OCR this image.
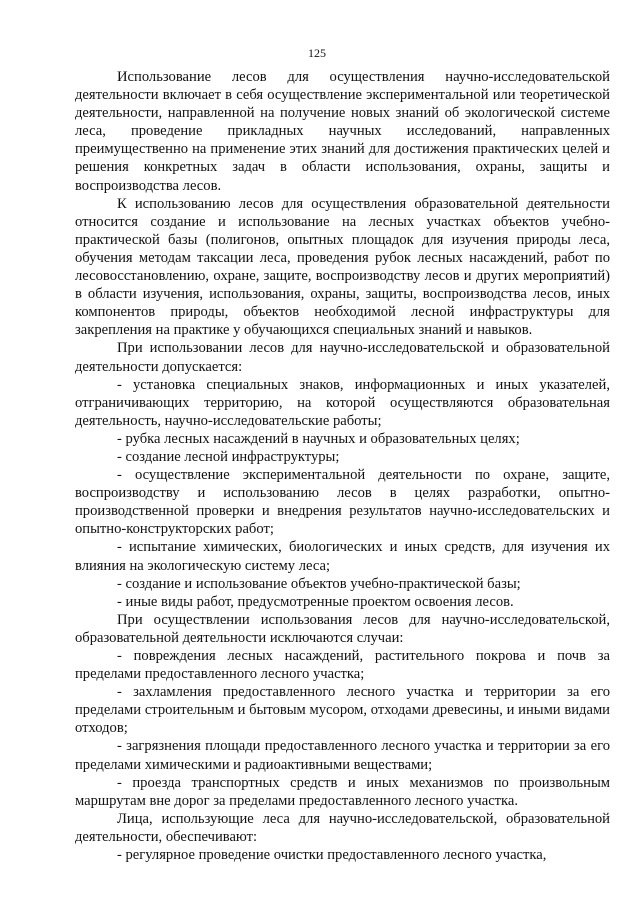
125

Использование лесов для осуществления научно-исследовательской деятельности включает в себя осуществление экспериментальной или теоретической деятельности, направленной на получение новых знаний об экологической системе леса, проведение прикладных научных исследований, направленных преимущественно на применение этих знаний для достижения практических целей и решения конкретных задач в области использования, охраны, защиты и воспроизводства лесов.

К использованию лесов для осуществления образовательной деятельности относится создание и использование на лесных участках объектов учебно-практической базы (полигонов, опытных площадок для изучения природы леса, обучения методам таксации леса, проведения рубок лесных насаждений, работ по лесовосстановлению, охране, защите, воспроизводству лесов и других мероприятий) в области изучения, использования, охраны, защиты, воспроизводства лесов, иных компонентов природы, объектов необходимой лесной инфраструктуры для закрепления на практике у обучающихся специальных знаний и навыков.

При использовании лесов для научно-исследовательской и образовательной деятельности допускается:

- установка специальных знаков, информационных и иных указателей, отграничивающих территорию, на которой осуществляются образовательная деятельность, научно-исследовательские работы;

- рубка лесных насаждений в научных и образовательных целях;

- создание лесной инфраструктуры;

- осуществление экспериментальной деятельности по охране, защите, воспроизводству и использованию лесов в целях разработки, опытно-производственной проверки и внедрения результатов научно-исследовательских и опытно-конструкторских работ;

- испытание химических, биологических и иных средств, для изучения их влияния на экологическую систему леса;

- создание и использование объектов учебно-практической базы;

- иные виды работ, предусмотренные проектом освоения лесов.

При осуществлении использования лесов для научно-исследовательской, образовательной деятельности исключаются случаи:

- повреждения лесных насаждений, растительного покрова и почв за пределами предоставленного лесного участка;

- захламления предоставленного лесного участка и территории за его пределами строительным и бытовым мусором, отходами древесины, и иными видами отходов;

- загрязнения площади предоставленного лесного участка и территории за его пределами химическими и радиоактивными веществами;

- проезда транспортных средств и иных механизмов по произвольным маршрутам вне дорог за пределами предоставленного лесного участка.

Лица, использующие леса для научно-исследовательской, образовательной деятельности, обеспечивают:

- регулярное проведение очистки предоставленного лесного участка,
